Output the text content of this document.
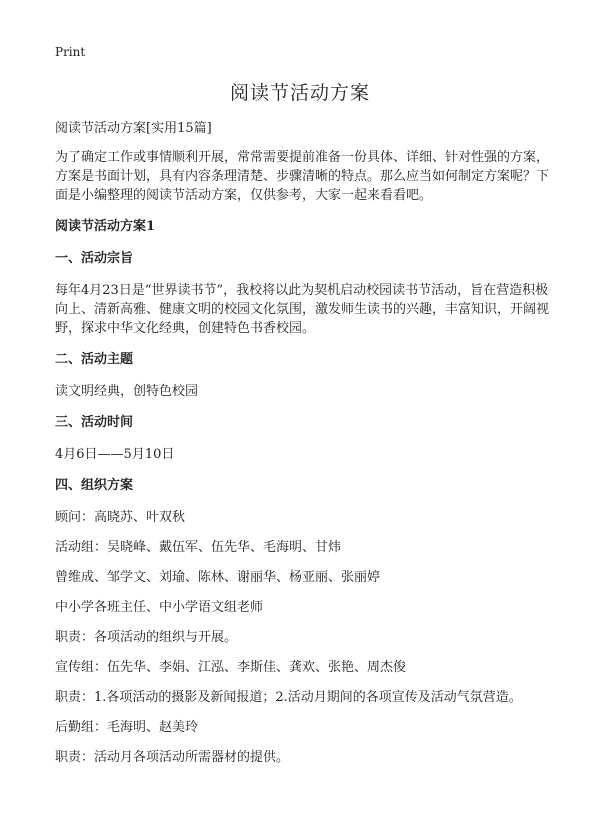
Print
阅读节活动方案
阅读节活动方案[实用15篇]
为了确定工作或事情顺利开展，常常需要提前准备一份具体、详细、针对性强的方案，方案是书面计划，具有内容条理清楚、步骤清晰的特点。那么应当如何制定方案呢？下面是小编整理的阅读节活动方案，仅供参考，大家一起来看看吧。
阅读节活动方案1
一、活动宗旨
每年4月23日是“世界读书节”，我校将以此为契机启动校园读书节活动，旨在营造积极向上、清新高雅、健康文明的校园文化氛围，激发师生读书的兴趣，丰富知识，开阔视野，探求中华文化经典，创建特色书香校园。
二、活动主题
读文明经典，创特色校园
三、活动时间
4月6日——5月10日
四、组织方案
顾问：高晓苏、叶双秋
活动组：吴晓峰、戴伍军、伍先华、毛海明、甘炜
曾维成、邹学文、刘瑜、陈林、谢丽华、杨亚丽、张丽婷
中小学各班主任、中小学语文组老师
职责：各项活动的组织与开展。
宣传组：伍先华、李娟、江泓、李斯佳、龚欢、张艳、周杰俊
职责：1.各项活动的摄影及新闻报道；2.活动月期间的各项宣传及活动气氛营造。
后勤组：毛海明、赵美玲
职责：活动月各项活动所需器材的提供。
